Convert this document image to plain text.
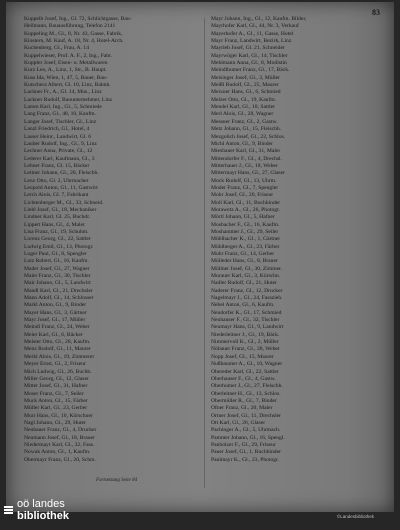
83
Kuppelb Josef, Ing., Gl. 72, Schlichtgasse, Bau-
Heilmann, Bauausführung, Telefon 2141
Kuppeling M., Gl., 8, Nr. 43, Gasse, Fabrik,
Klostern, M. Kauf, A. 18, Nr. 4, Hotel-Arch.
Kuchenberg, Gl., Frau, A. 14
Kuppelwieser, Prof. A. F., 2, Ing., Fabr.
Kuppler Josef, Eisen- u. Metallwaren
Kurz Leo, A., Linz, 1, Str., B. Haupt.
Kuss Ida, Wien, 1, 47, 5, Bauer, Bau-
Kutschera Albert, Gl. 10, Linz, Bahnh.
Lachner Fr., A., Gl. 14, Mus., Linz
Lackner Rudolf, Bauunternehmer, Linz
Lamm Karl, Ing., Gl., 5, Schmiede
Lang Franz, Gl., 48, 10, Kaufm.
Langer Josef, Tischler, Gl., Linz
Lanzl Friedrich, Gl., Hotel, 4
Lasser Heinr., Landwirt, Gl. 6
Lauber Rudolf, Ing., Gl., 9, Linz
Lechner Anna, Private, Gl., 12
Lederer Karl, Kaufmann, Gl., 3
Lehner Franz, Gl. 15, Bäcker
Leitner Johann, Gl., 20, Fleischh.
Lenz Otto, Gl. 2, Uhrmacher
Leopold Anton, Gl., 11, Gastwirt
Lerch Alois, Gl. 7, Fabrikant
Lichtenberger M., Gl., 33, Schneid.
Liebl Josef, Gl., 18, Mechaniker
Lindner Karl, Gl. 25, Buchdr.
Lippert Hans, Gl., 4, Maler
Lisa Franz, Gl., 19, Schuhm.
Lorenz Georg, Gl., 22, Sattler
Ludwig Emil, Gl., 13, Photogr.
Luger Paul, Gl., 8, Spengler
Lutz Robert, Gl., 16, Kaufm.
Mader Josef, Gl., 27, Wagner
Maier Franz, Gl., 30, Tischler
Mair Johann, Gl., 5, Landwirt
Mandl Karl, Gl., 21, Drechsler
Mann Adolf, Gl., 14, Schlosser
Markl Anton, Gl., 9, Binder
Mayer Hans, Gl., 3, Gärtner
Mayr Josef, Gl., 17, Müller
Meindl Franz, Gl., 24, Weber
Meier Karl, Gl., 6, Bäcker
Meister Otto, Gl., 28, Kaufm.
Menz Rudolf, Gl., 11, Maurer
Merkl Alois, Gl., 19, Zimmerer
Meyer Ernst, Gl., 2, Friseur
Mich Ludwig, Gl., 26, Buchb.
Miller Georg, Gl., 12, Glaser
Mitter Josef, Gl., 31, Hafner
Moser Franz, Gl., 7, Seiler
Muck Anton, Gl., 15, Färber
Müller Karl, Gl., 23, Gerber
Murr Hans, Gl., 10, Kürschner
Nagl Johann, Gl., 29, Huter
Neubauer Franz, Gl., 4, Drucker
Neumann Josef, Gl., 18, Brauer
Niedermayr Karl, Gl., 32, Fass.
Nowak Anton, Gl., 1, Kaufm.
Obermayr Franz, Gl., 20, Schm.
Mayr Johann, Ing., Gl., 12, Kaufm. Bilder,
Mayrhofer Karl, Gl., 44, Nr. 3, Verkauf
Mayerhofer A., Gl., 11, Gasse, Hotel
Mayr Franz, Landwirt, Bezirk, Linz
Mayrleb Josef, Gl. 21, Schneider
Mayrwöger Karl, Gl., 14, Tischler
Mehlmann Anna, Gl., 8, Modistin
Meindlhumer Franz, Gl., 17, Bäck.
Meisinger Josef, Gl., 3, Müller
Meißl Rudolf, Gl., 25, Maurer
Meixner Hans, Gl., 6, Schmied
Melzer Otto, Gl., 19, Kaufm.
Mendel Karl, Gl., 10, Sattler
Merl Alois, Gl., 28, Wagner
Messner Franz, Gl., 2, Gastw.
Metz Johann, Gl., 15, Fleischh.
Mezgolich Josef, Gl., 22, Schlos.
Michl Anton, Gl., 9, Binder
Miesbauer Karl, Gl., 31, Maler
Mittendorfer F., Gl., 4, Drechsl.
Mitterbauer J., Gl., 18, Weber
Mittermayr Hans, Gl., 27, Glaser
Mock Rudolf, Gl., 13, Uhrm.
Moder Franz, Gl., 7, Spengler
Mohr Josef, Gl., 20, Friseur
Moll Karl, Gl., 11, Buchbinder
Morawetz A., Gl., 26, Photogr.
Mörtl Johann, Gl., 5, Hafner
Mosbacher F., Gl., 16, Kaufm.
Moshammer J., Gl., 29, Seiler
Mühlbacher K., Gl., 1, Gärtner
Mühlberger A., Gl., 23, Färber
Muhr Franz, Gl., 14, Gerber
Mülleder Hans, Gl., 8, Brauer
Müllner Josef, Gl., 30, Zimmer.
Murauer Karl, Gl., 3, Kürschn.
Nadler Rudolf, Gl., 21, Huter
Naderer Franz, Gl., 12, Drucker
Nagelmayr J., Gl., 24, Fasszieh.
Nebel Anton, Gl., 6, Kaufm.
Neudorfer K., Gl., 17, Schmied
Neuhauser F., Gl., 32, Tischler
Neumayr Hans, Gl., 9, Landwirt
Niederleitner J., Gl., 19, Bäck.
Nimmervoll K., Gl., 2, Müller
Nöbauer Franz, Gl., 28, Weber
Nopp Josef, Gl., 15, Maurer
Nußbaumer A., Gl., 10, Wagner
Obereder Karl, Gl., 22, Sattler
Oberhauser F., Gl., 4, Gastw.
Oberhumer J., Gl., 27, Fleischh.
Oberleitner H., Gl., 13, Schlos.
Obermüller R., Gl., 7, Binder
Ofner Franz, Gl., 20, Maler
Ortner Josef, Gl., 11, Drechsler
Ott Karl, Gl., 26, Glaser
Pachinger A., Gl., 5, Uhrmach.
Pammer Johann, Gl., 16, Spengl.
Panholzer F., Gl., 29, Friseur
Pauer Josef, Gl., 1, Buchbinder
Paulmayr K., Gl., 23, Photogr.
Fortsetzung Seite 84
oö landes
bibliothek	©Landesbibliothek
